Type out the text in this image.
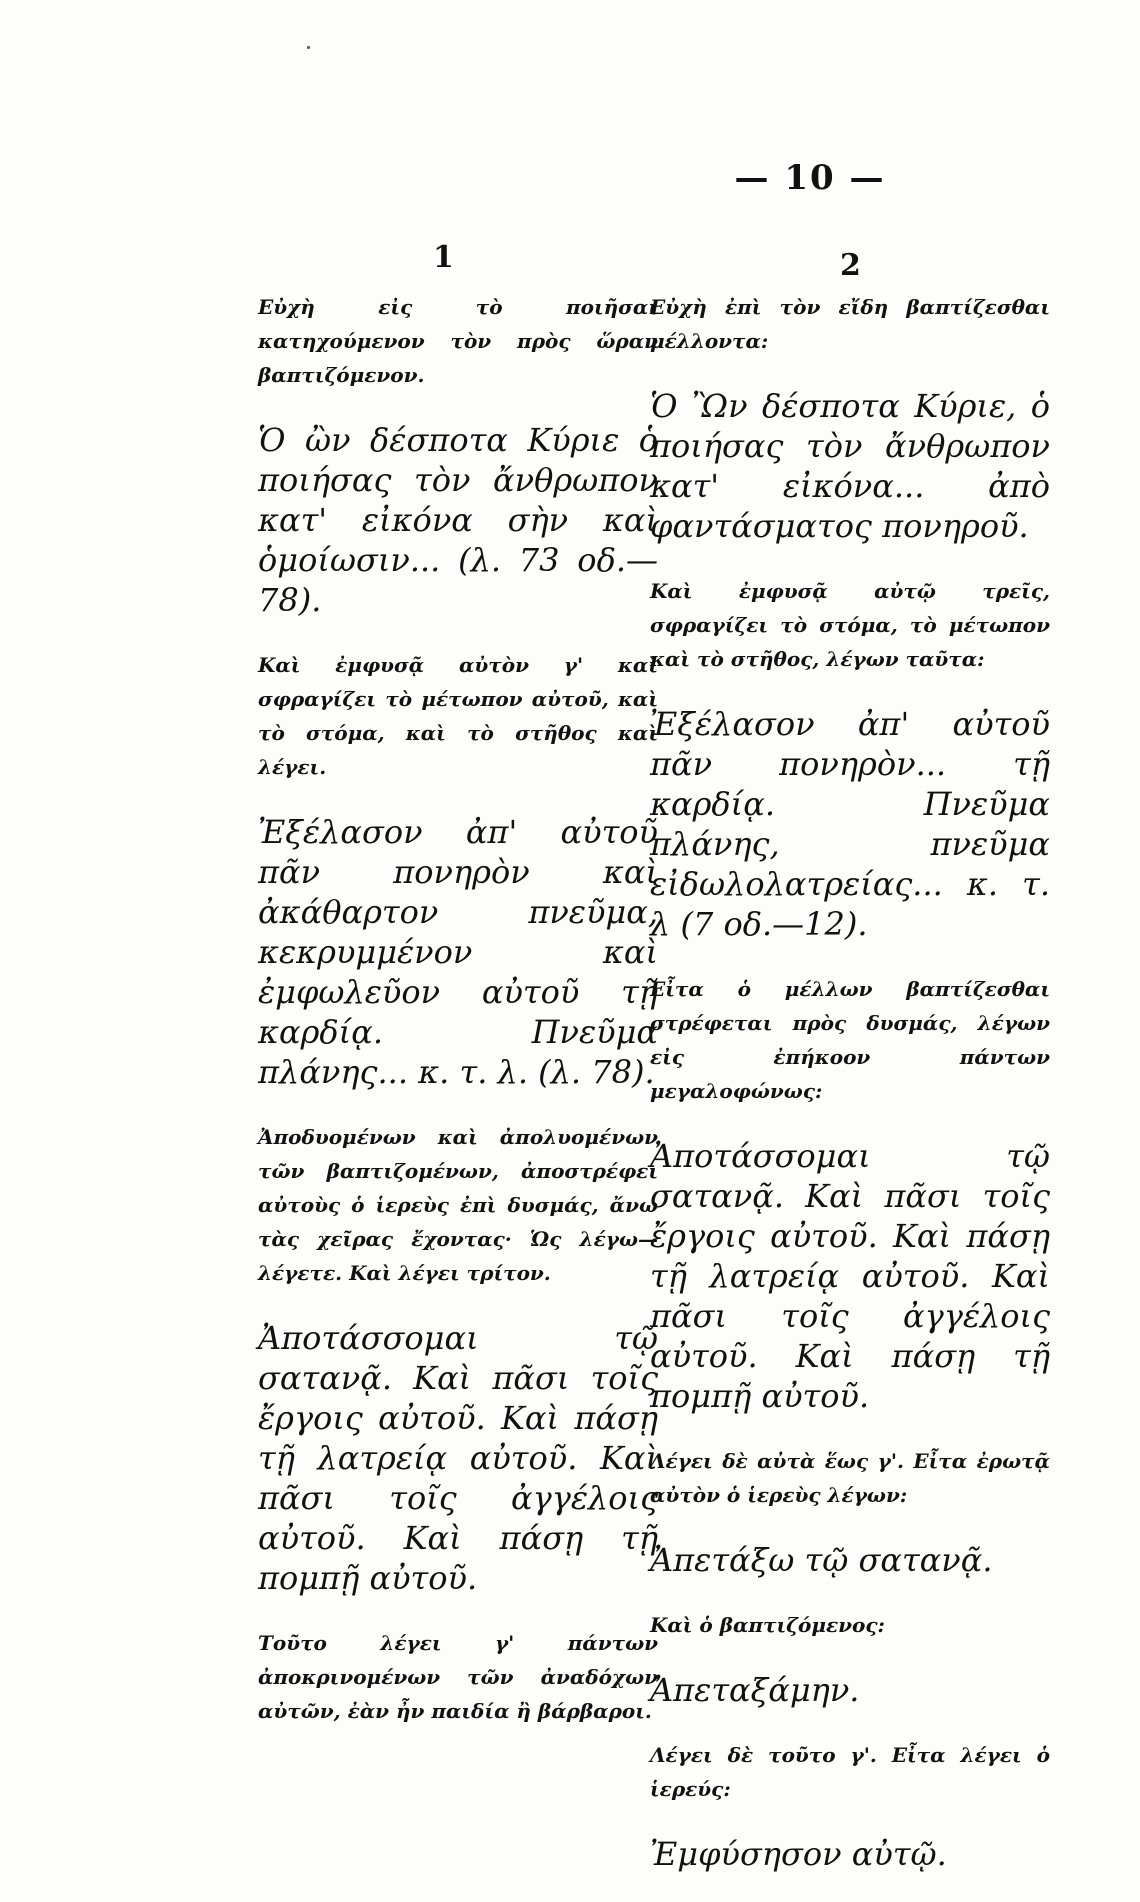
— 10 —
1	2
Εὐχὴ εἰς τὸ ποιῆσαι κατηχούμενον τὸν πρὸς ὥραν βαπτιζόμενον.
Ὁ ὢν δέσποτα Κύριε ὁ ποιήσας τὸν ἄνθρωπον κατ' εἰκόνα σὴν καὶ ὁμοίωσιν... (λ. 73 οδ.—78).
Καὶ ἐμφυσᾷ αὐτὸν γ' καὶ σφραγίζει τὸ μέτωπον αὐτοῦ, καὶ τὸ στόμα, καὶ τὸ στῆθος καὶ λέγει.
Ἐξέλασον ἀπ' αὐτοῦ πᾶν πονηρὸν καὶ ἀκάθαρτον πνεῦμα, κεκρυμμένον καὶ ἐμφωλεῦον αὐτοῦ τῇ καρδίᾳ. Πνεῦμα πλάνης... κ. τ. λ. (λ. 78).
Ἀποδυομένων καὶ ἀπολυομένων τῶν βαπτιζομένων, ἀποστρέφει αὐτοὺς ὁ ἱερεὺς ἐπὶ δυσμάς, ἄνω τὰς χεῖρας ἔχοντας· Ὡς λέγω—λέγετε. Καὶ λέγει τρίτον.
Ἀποτάσσομαι τῷ σατανᾷ. Καὶ πᾶσι τοῖς ἔργοις αὐτοῦ. Καὶ πάσῃ τῇ λατρείᾳ αὐτοῦ. Καὶ πᾶσι τοῖς ἀγγέλοις αὐτοῦ. Καὶ πάσῃ τῇ πομπῇ αὐτοῦ.
Τοῦτο λέγει γ' πάντων ἀποκρινομένων τῶν ἀναδόχων αὐτῶν, ἐὰν ἦν παιδία ἢ βάρβαροι.
Εὐχὴ ἐπὶ τὸν εἴδη βαπτίζεσθαι μέλλοντα:
Ὁ Ὢν δέσποτα Κύριε, ὁ ποιήσας τὸν ἄνθρωπον κατ' εἰκόνα... ἀπὸ φαντάσματος πονηροῦ.
Καὶ ἐμφυσᾷ αὐτῷ τρεῖς, σφραγίζει τὸ στόμα, τὸ μέτωπον καὶ τὸ στῆθος, λέγων ταῦτα:
Ἐξέλασον ἀπ' αὐτοῦ πᾶν πονηρὸν... τῇ καρδίᾳ. Πνεῦμα πλάνης, πνεῦμα εἰδωλολατρείας... κ. τ. λ (7 οδ.—12).
Εἶτα ὁ μέλλων βαπτίζεσθαι στρέφεται πρὸς δυσμάς, λέγων εἰς ἐπήκοον πάντων μεγαλοφώνως:
Ἀποτάσσομαι τῷ σατανᾷ. Καὶ πᾶσι τοῖς ἔργοις αὐτοῦ. Καὶ πάσῃ τῇ λατρείᾳ αὐτοῦ. Καὶ πᾶσι τοῖς ἀγγέλοις αὐτοῦ. Καὶ πάσῃ τῇ πομπῇ αὐτοῦ.
Λέγει δὲ αὐτὰ ἕως γ'. Εἶτα ἐρωτᾷ αὐτὸν ὁ ἱερεὺς λέγων:
Ἀπετάξω τῷ σατανᾷ.
Καὶ ὁ βαπτιζόμενος:
Ἀπεταξάμην.
Λέγει δὲ τοῦτο γ'. Εἶτα λέγει ὁ ἱερεύς:
Ἐμφύσησον αὐτῷ.
